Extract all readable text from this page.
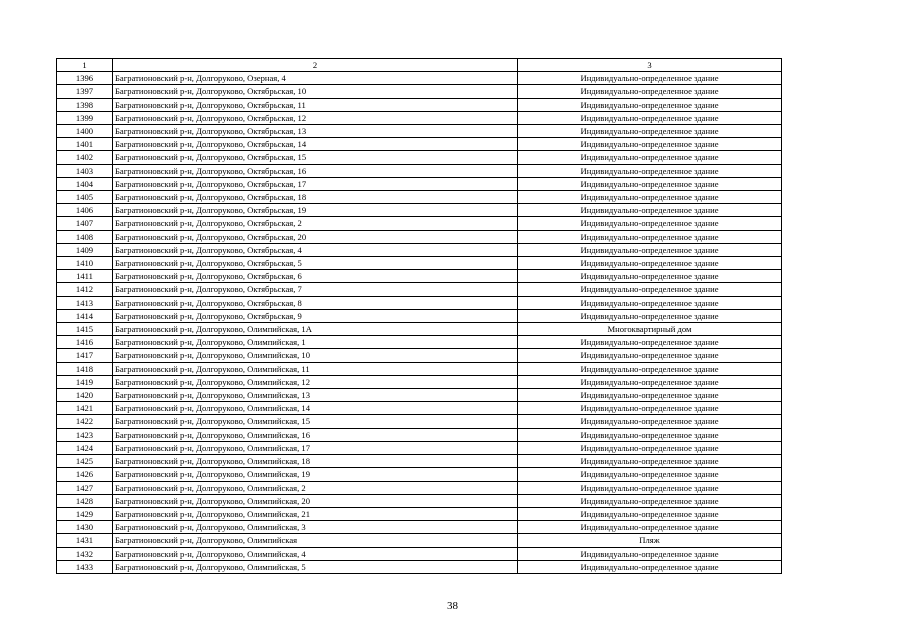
1	2	3
1396	Багратионовский р-н, Долгоруково, Озерная, 4	Индивидуально-определенное здание
1397	Багратионовский р-н, Долгоруково, Октябрьская, 10	Индивидуально-определенное здание
1398	Багратионовский р-н, Долгоруково, Октябрьская, 11	Индивидуально-определенное здание
1399	Багратионовский р-н, Долгоруково, Октябрьская, 12	Индивидуально-определенное здание
1400	Багратионовский р-н, Долгоруково, Октябрьская, 13	Индивидуально-определенное здание
1401	Багратионовский р-н, Долгоруково, Октябрьская, 14	Индивидуально-определенное здание
1402	Багратионовский р-н, Долгоруково, Октябрьская, 15	Индивидуально-определенное здание
1403	Багратионовский р-н, Долгоруково, Октябрьская, 16	Индивидуально-определенное здание
1404	Багратионовский р-н, Долгоруково, Октябрьская, 17	Индивидуально-определенное здание
1405	Багратионовский р-н, Долгоруково, Октябрьская, 18	Индивидуально-определенное здание
1406	Багратионовский р-н, Долгоруково, Октябрьская, 19	Индивидуально-определенное здание
1407	Багратионовский р-н, Долгоруково, Октябрьская, 2	Индивидуально-определенное здание
1408	Багратионовский р-н, Долгоруково, Октябрьская, 20	Индивидуально-определенное здание
1409	Багратионовский р-н, Долгоруково, Октябрьская, 4	Индивидуально-определенное здание
1410	Багратионовский р-н, Долгоруково, Октябрьская, 5	Индивидуально-определенное здание
1411	Багратионовский р-н, Долгоруково, Октябрьская, 6	Индивидуально-определенное здание
1412	Багратионовский р-н, Долгоруково, Октябрьская, 7	Индивидуально-определенное здание
1413	Багратионовский р-н, Долгоруково, Октябрьская, 8	Индивидуально-определенное здание
1414	Багратионовский р-н, Долгоруково, Октябрьская, 9	Индивидуально-определенное здание
1415	Багратионовский р-н, Долгоруково, Олимпийская, 1А	Многоквартирный дом
1416	Багратионовский р-н, Долгоруково, Олимпийская, 1	Индивидуально-определенное здание
1417	Багратионовский р-н, Долгоруково, Олимпийская, 10	Индивидуально-определенное здание
1418	Багратионовский р-н, Долгоруково, Олимпийская, 11	Индивидуально-определенное здание
1419	Багратионовский р-н, Долгоруково, Олимпийская, 12	Индивидуально-определенное здание
1420	Багратионовский р-н, Долгоруково, Олимпийская, 13	Индивидуально-определенное здание
1421	Багратионовский р-н, Долгоруково, Олимпийская, 14	Индивидуально-определенное здание
1422	Багратионовский р-н, Долгоруково, Олимпийская, 15	Индивидуально-определенное здание
1423	Багратионовский р-н, Долгоруково, Олимпийская, 16	Индивидуально-определенное здание
1424	Багратионовский р-н, Долгоруково, Олимпийская, 17	Индивидуально-определенное здание
1425	Багратионовский р-н, Долгоруково, Олимпийская, 18	Индивидуально-определенное здание
1426	Багратионовский р-н, Долгоруково, Олимпийская, 19	Индивидуально-определенное здание
1427	Багратионовский р-н, Долгоруково, Олимпийская, 2	Индивидуально-определенное здание
1428	Багратионовский р-н, Долгоруково, Олимпийская, 20	Индивидуально-определенное здание
1429	Багратионовский р-н, Долгоруково, Олимпийская, 21	Индивидуально-определенное здание
1430	Багратионовский р-н, Долгоруково, Олимпийская, 3	Индивидуально-определенное здание
1431	Багратионовский р-н, Долгоруково, Олимпийская	Пляж
1432	Багратионовский р-н, Долгоруково, Олимпийская, 4	Индивидуально-определенное здание
1433	Багратионовский р-н, Долгоруково, Олимпийская, 5	Индивидуально-определенное здание
38
